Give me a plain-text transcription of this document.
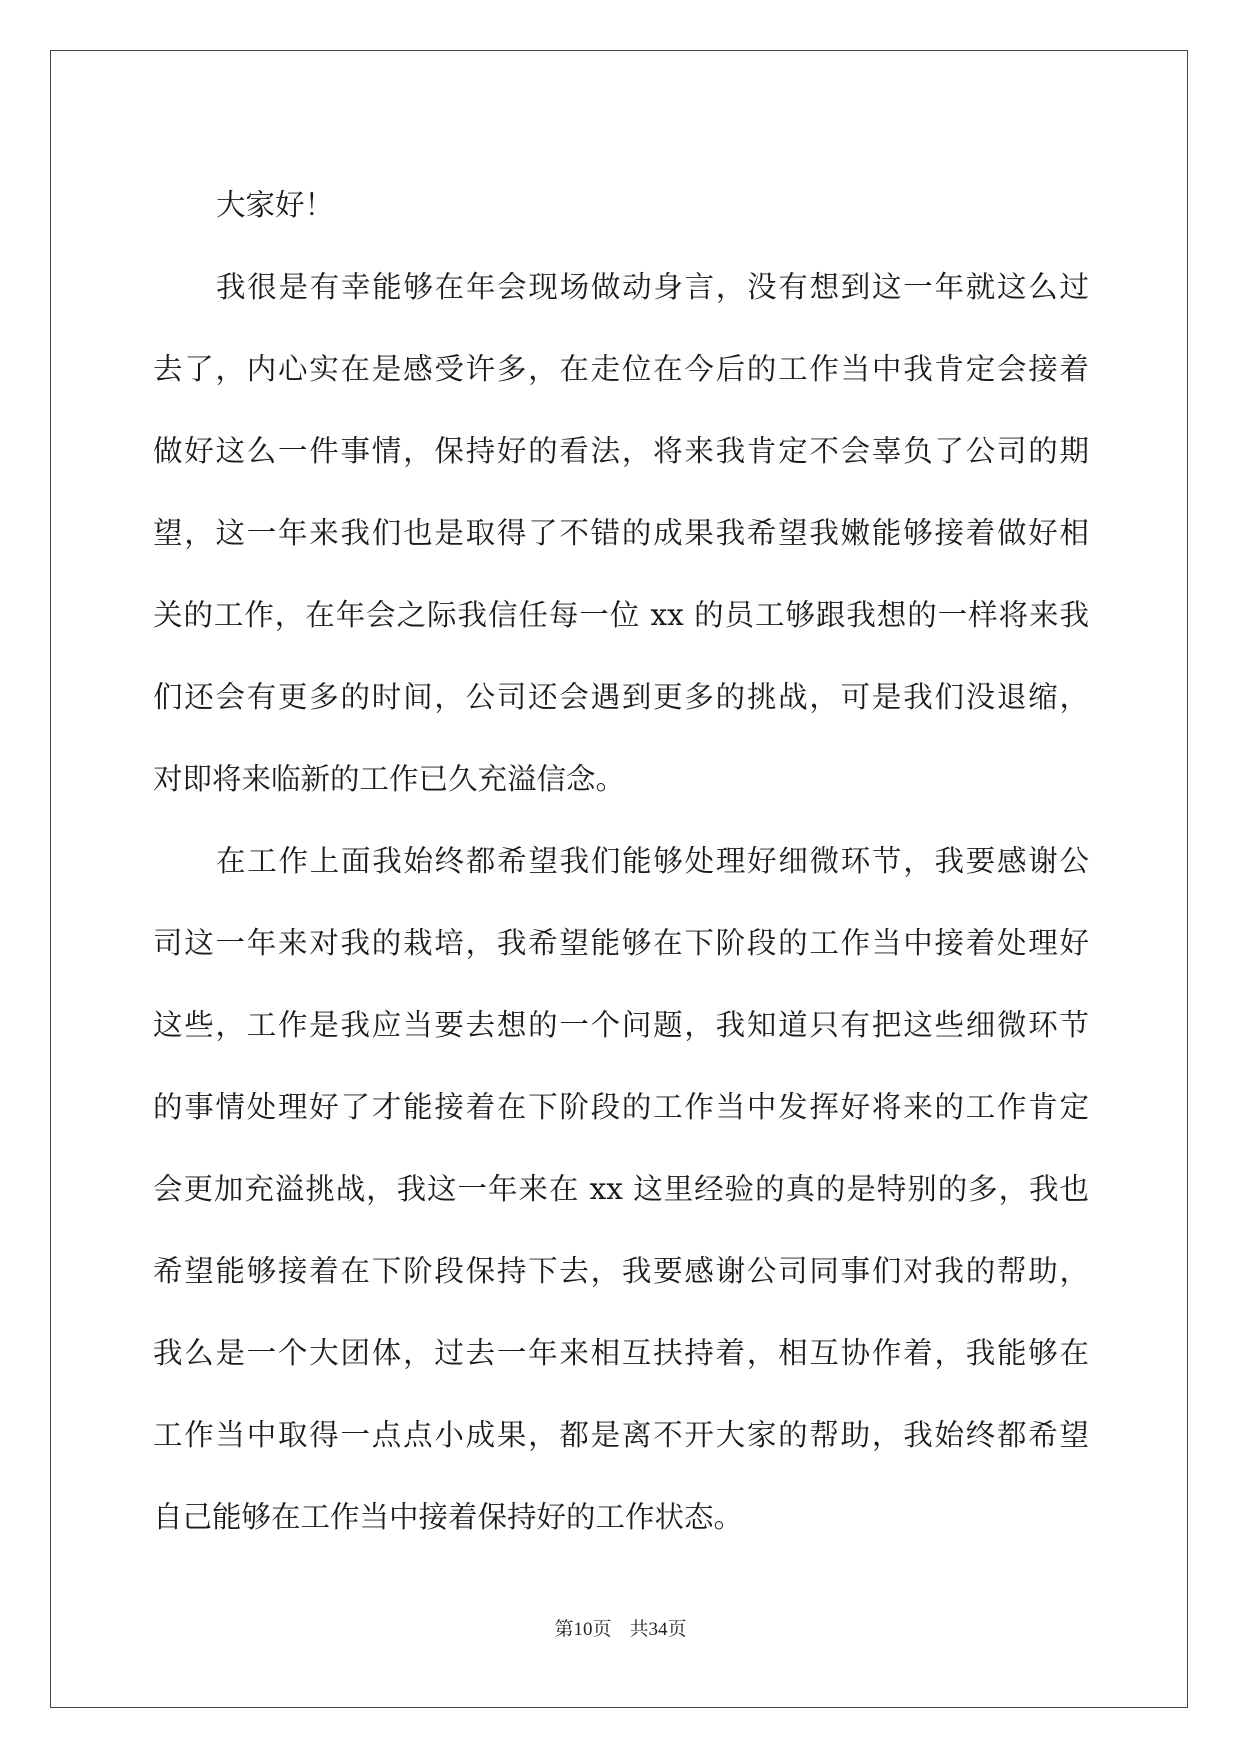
大家好！

我很是有幸能够在年会现场做动身言，没有想到这一年就这么过

去了，内心实在是感受许多，在走位在今后的工作当中我肯定会接着

做好这么一件事情，保持好的看法，将来我肯定不会辜负了公司的期

望，这一年来我们也是取得了不错的成果我希望我嫩能够接着做好相

关的工作，在年会之际我信任每一位 xx 的员工够跟我想的一样将来我

们还会有更多的时间，公司还会遇到更多的挑战，可是我们没退缩，

对即将来临新的工作已久充溢信念。

在工作上面我始终都希望我们能够处理好细微环节，我要感谢公

司这一年来对我的栽培，我希望能够在下阶段的工作当中接着处理好

这些，工作是我应当要去想的一个问题，我知道只有把这些细微环节

的事情处理好了才能接着在下阶段的工作当中发挥好将来的工作肯定

会更加充溢挑战，我这一年来在 xx 这里经验的真的是特别的多，我也

希望能够接着在下阶段保持下去，我要感谢公司同事们对我的帮助，

我么是一个大团体，过去一年来相互扶持着，相互协作着，我能够在

工作当中取得一点点小成果，都是离不开大家的帮助，我始终都希望

自己能够在工作当中接着保持好的工作状态。

第10页 共34页
